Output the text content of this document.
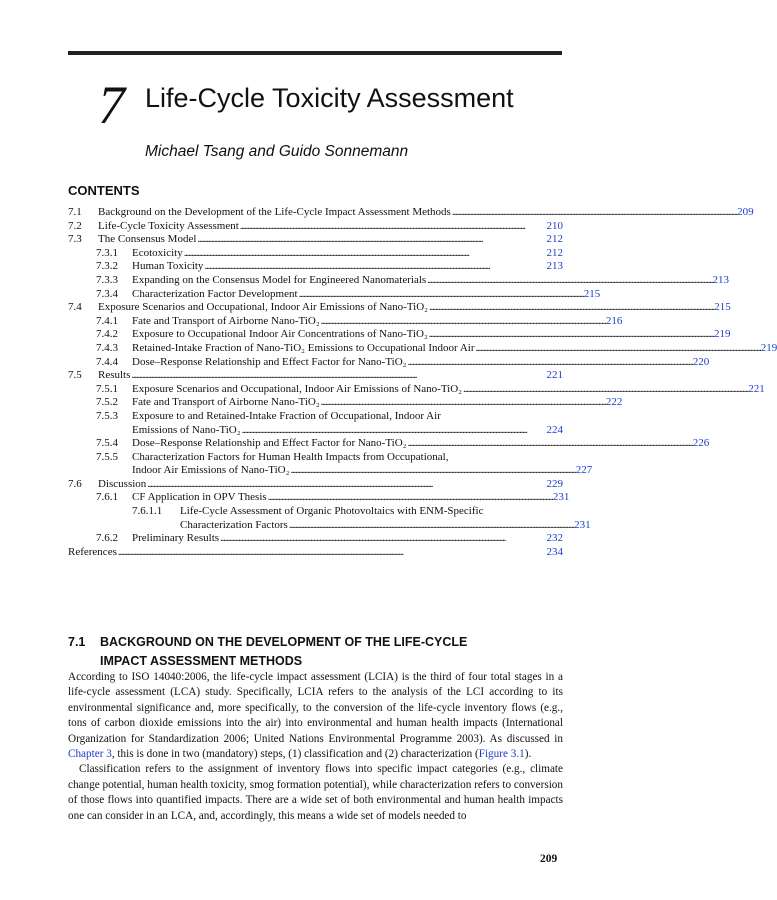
7 Life-Cycle Toxicity Assessment
Michael Tsang and Guido Sonnemann
CONTENTS
7.1	Background on the Development of the Life-Cycle Impact Assessment Methods . . .	209
7.2	Life-Cycle Toxicity Assessment . . .	210
7.3	The Consensus Model . . .	212
7.3.1	Ecotoxicity . . .	212
7.3.2	Human Toxicity . . .	213
7.3.3	Expanding on the Consensus Model for Engineered Nanomaterials . . .	213
7.3.4	Characterization Factor Development . . .	215
7.4	Exposure Scenarios and Occupational, Indoor Air Emissions of Nano-TiO₂ . . .	215
7.4.1	Fate and Transport of Airborne Nano-TiO₂ . . .	216
7.4.2	Exposure to Occupational Indoor Air Concentrations of Nano-TiO₂ . . .	219
7.4.3	Retained-Intake Fraction of Nano-TiO₂ Emissions to Occupational Indoor Air . . .	219
7.4.4	Dose–Response Relationship and Effect Factor for Nano-TiO₂ . . .	220
7.5	Results . . .	221
7.5.1	Exposure Scenarios and Occupational, Indoor Air Emissions of Nano-TiO₂ . . .	221
7.5.2	Fate and Transport of Airborne Nano-TiO₂ . . .	222
7.5.3	Exposure to and Retained-Intake Fraction of Occupational, Indoor Air
Emissions of Nano-TiO₂ . . .	224
7.5.4	Dose–Response Relationship and Effect Factor for Nano-TiO₂ . . .	226
7.5.5	Characterization Factors for Human Health Impacts from Occupational,
Indoor Air Emissions of Nano-TiO₂ . . .	227
7.6	Discussion . . .	229
7.6.1	CF Application in OPV Thesis . . .	231
7.6.1.1	Life-Cycle Assessment of Organic Photovoltaics with ENM-Specific
Characterization Factors . . .	231
7.6.2	Preliminary Results . . .	232
References . . .	234
7.1 BACKGROUND ON THE DEVELOPMENT OF THE LIFE-CYCLE
IMPACT ASSESSMENT METHODS

According to ISO 14040:2006, the life-cycle impact assessment (LCIA) is the third of four total stages in a life-cycle assessment (LCA) study. Specifically, LCIA refers to the analysis of the LCI according to its environmental significance and, more specifically, to the conversion of the life-cycle inventory flows (e.g., tons of carbon dioxide emissions into the air) into environmental and human health impacts (International Organization for Standardization 2006; United Nations Environmental Programme 2003). As discussed in Chapter 3, this is done in two (mandatory) steps, (1) classification and (2) characterization (Figure 3.1).

Classification refers to the assignment of inventory flows into specific impact categories (e.g., climate change potential, human health toxicity, smog formation potential), while characterization refers to conversion of those flows into quantified impacts. There are a wide set of both environmental and human health impacts one can consider in an LCA, and, accordingly, this means a wide set of models needed to

209
